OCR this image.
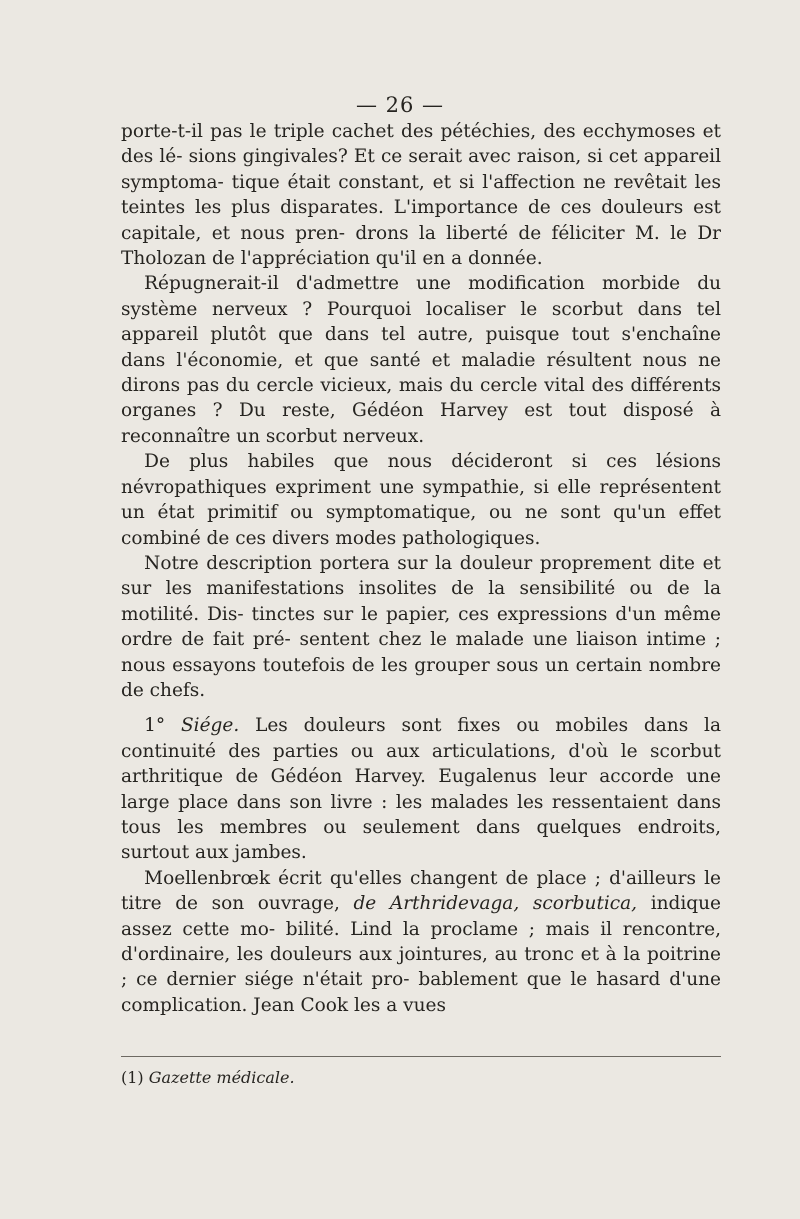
— 26 —

porte-t-il pas le triple cachet des pétéchies, des ecchymoses et des lé- sions gingivales? Et ce serait avec raison, si cet appareil symptoma- tique était constant, et si l'affection ne revêtait les teintes les plus disparates. L'importance de ces douleurs est capitale, et nous pren- drons la liberté de féliciter M. le Dr Tholozan de l'appréciation qu'il en a donnée.

Répugnerait-il d'admettre une modification morbide du système nerveux ? Pourquoi localiser le scorbut dans tel appareil plutôt que dans tel autre, puisque tout s'enchaîne dans l'économie, et que santé et maladie résultent nous ne dirons pas du cercle vicieux, mais du cercle vital des différents organes ? Du reste, Gédéon Harvey est tout disposé à reconnaître un scorbut nerveux.

De plus habiles que nous décideront si ces lésions névropathiques expriment une sympathie, si elle représentent un état primitif ou symptomatique, ou ne sont qu'un effet combiné de ces divers modes pathologiques.

Notre description portera sur la douleur proprement dite et sur les manifestations insolites de la sensibilité ou de la motilité. Dis- tinctes sur le papier, ces expressions d'un même ordre de fait pré- sentent chez le malade une liaison intime ; nous essayons toutefois de les grouper sous un certain nombre de chefs.

1° Siége. Les douleurs sont fixes ou mobiles dans la continuité des parties ou aux articulations, d'où le scorbut arthritique de Gédéon Harvey. Eugalenus leur accorde une large place dans son livre : les malades les ressentaient dans tous les membres ou seulement dans quelques endroits, surtout aux jambes.

Moellenbrœk écrit qu'elles changent de place ; d'ailleurs le titre de son ouvrage, de Arthridevaga, scorbutica, indique assez cette mo- bilité. Lind la proclame ; mais il rencontre, d'ordinaire, les douleurs aux jointures, au tronc et à la poitrine ; ce dernier siége n'était pro- bablement que le hasard d'une complication. Jean Cook les a vues

(1) Gazette médicale.
